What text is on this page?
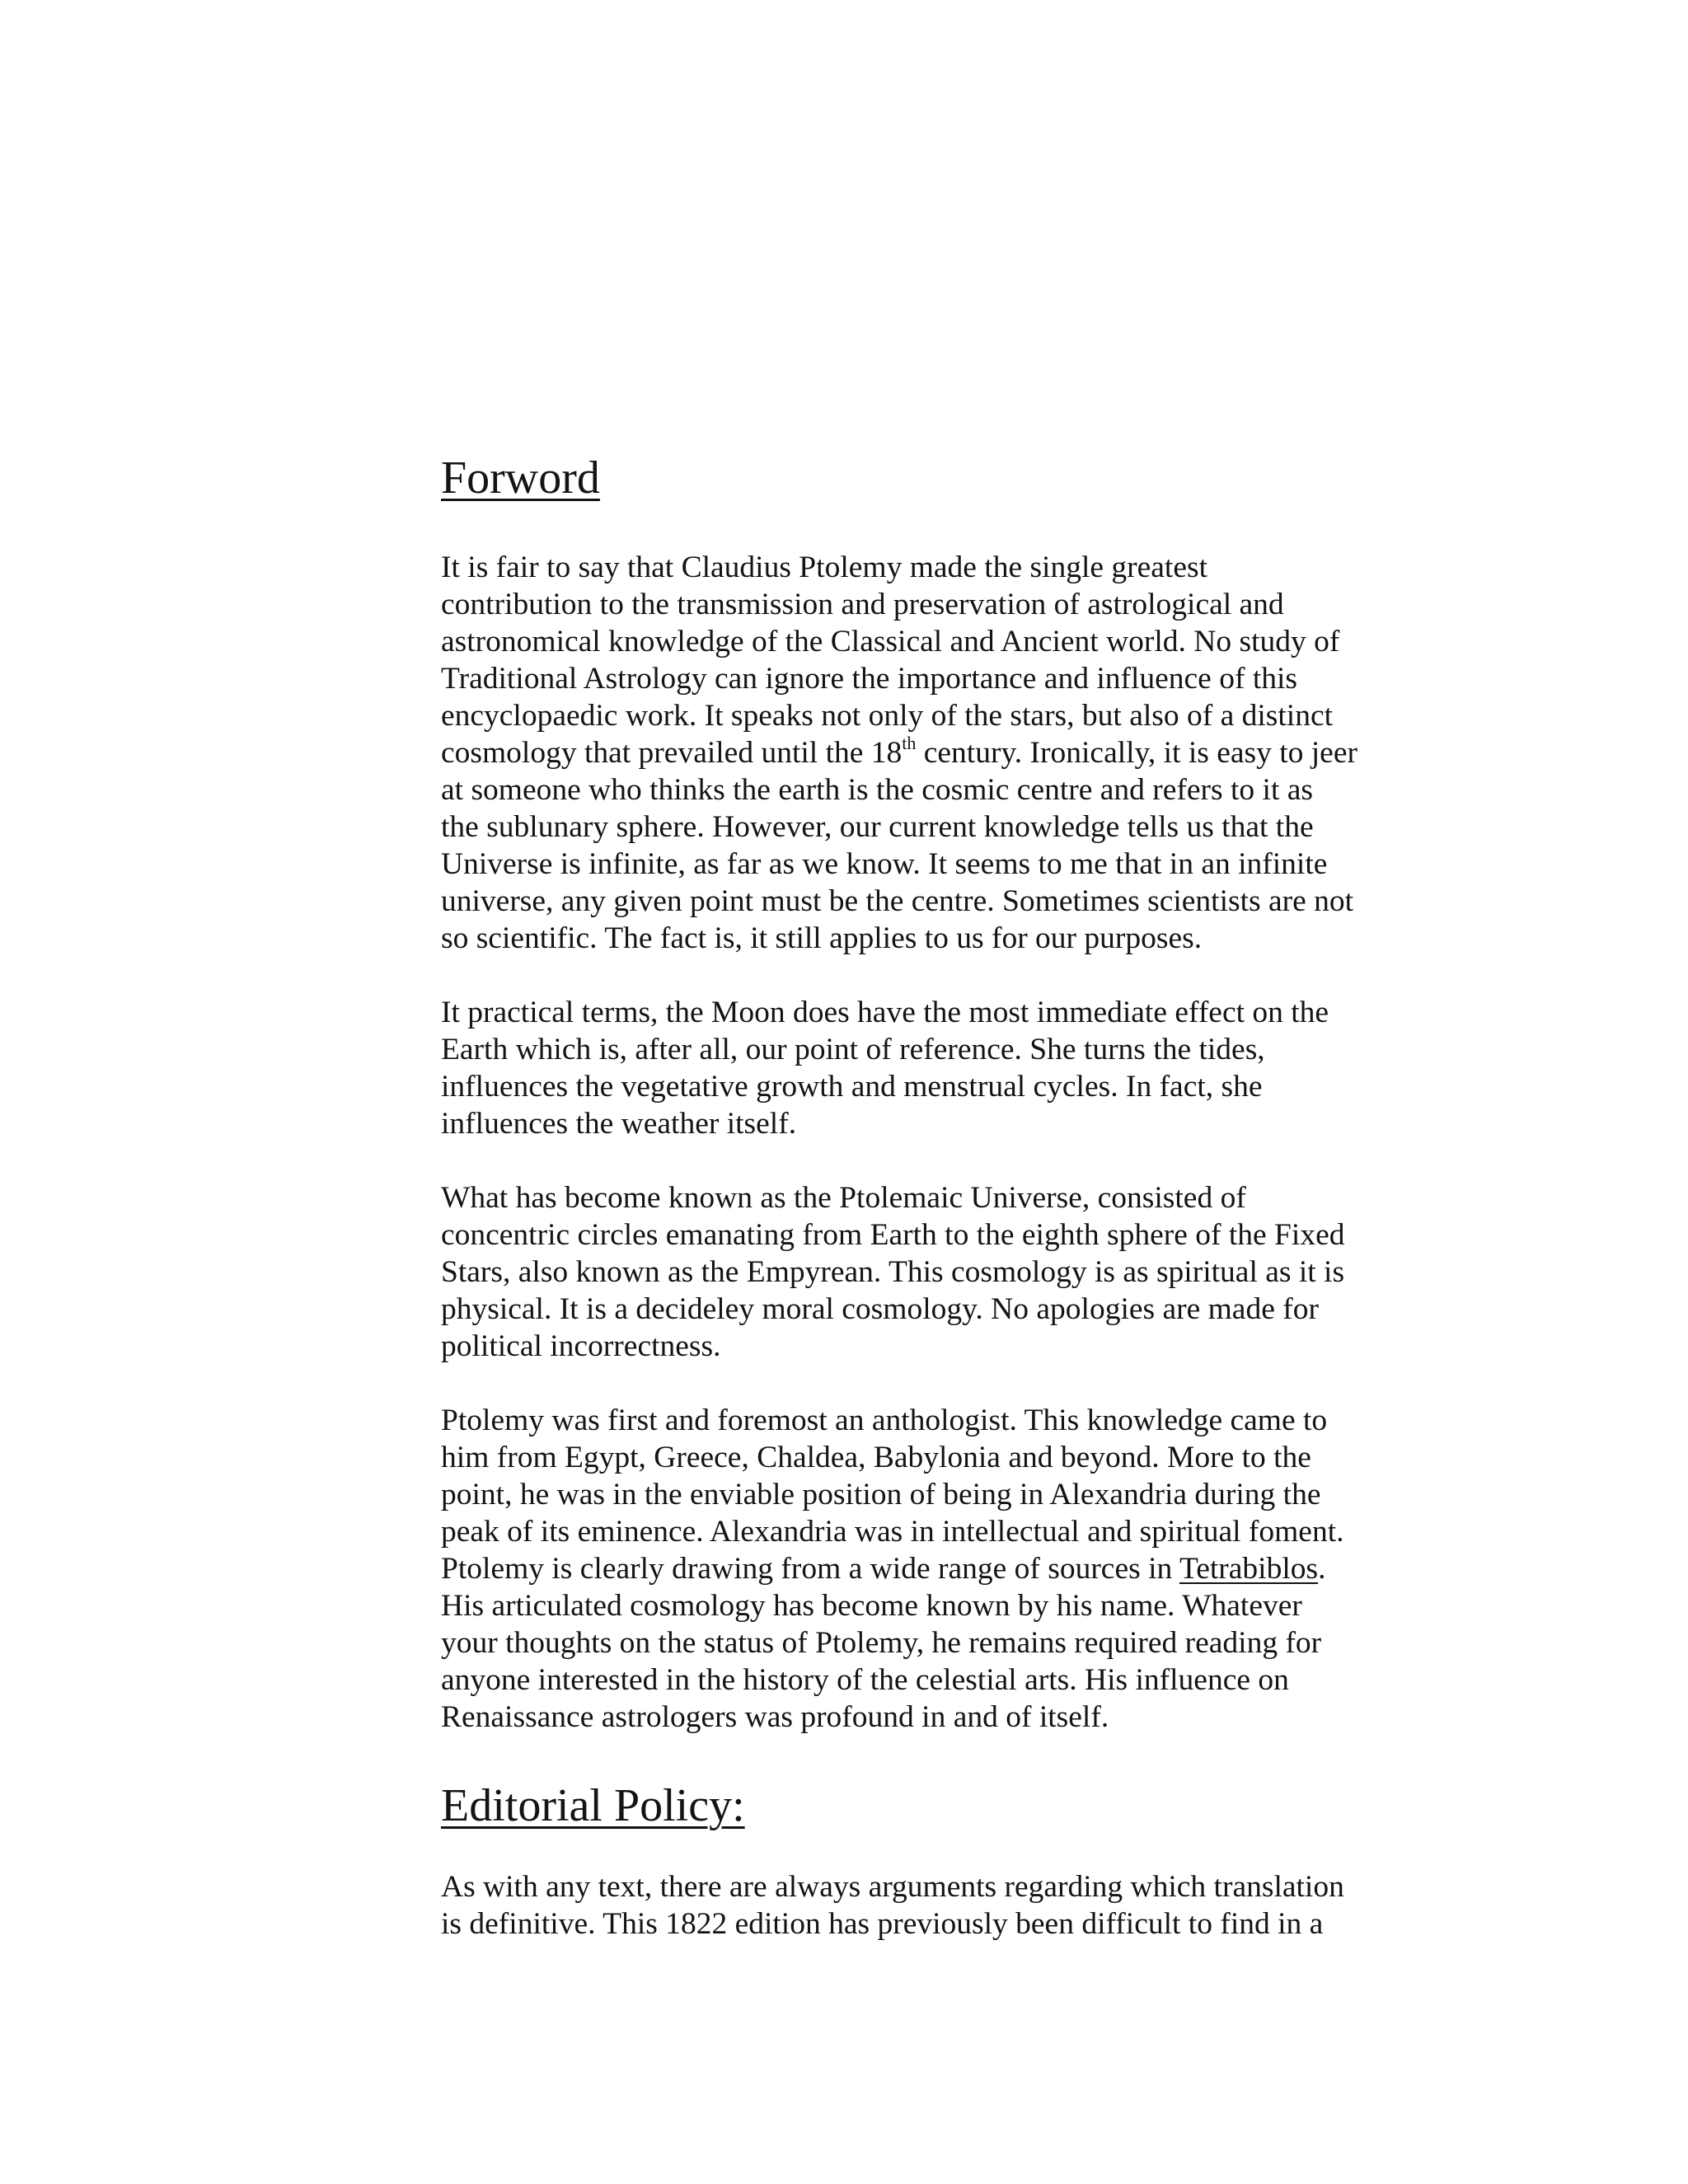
Forword

It is fair to say that Claudius Ptolemy made the single greatest
contribution to the transmission and preservation of astrological and
astronomical knowledge of the Classical and Ancient world. No study of
Traditional Astrology can ignore the importance and influence of this
encyclopaedic work. It speaks not only of the stars, but also of a distinct
cosmology that prevailed until the 18th century. Ironically, it is easy to jeer
at someone who thinks the earth is the cosmic centre and refers to it as
the sublunary sphere. However, our current knowledge tells us that the
Universe is infinite, as far as we know. It seems to me that in an infinite
universe, any given point must be the centre. Sometimes scientists are not
so scientific. The fact is, it still applies to us for our purposes.

It practical terms, the Moon does have the most immediate effect on the
Earth which is, after all, our point of reference. She turns the tides,
influences the vegetative growth and menstrual cycles. In fact, she
influences the weather itself.

What has become known as the Ptolemaic Universe, consisted of
concentric circles emanating from Earth to the eighth sphere of the Fixed
Stars, also known as the Empyrean. This cosmology is as spiritual as it is
physical. It is a decideley moral cosmology. No apologies are made for
political incorrectness.

Ptolemy was first and foremost an anthologist. This knowledge came to
him from Egypt, Greece, Chaldea, Babylonia and beyond. More to the
point, he was in the enviable position of being in Alexandria during the
peak of its eminence. Alexandria was in intellectual and spiritual foment.
Ptolemy is clearly drawing from a wide range of sources in Tetrabiblos.
His articulated cosmology has become known by his name. Whatever
your thoughts on the status of Ptolemy, he remains required reading for
anyone interested in the history of the celestial arts. His influence on
Renaissance astrologers was profound in and of itself.

Editorial Policy:

As with any text, there are always arguments regarding which translation
is definitive. This 1822 edition has previously been difficult to find in a
